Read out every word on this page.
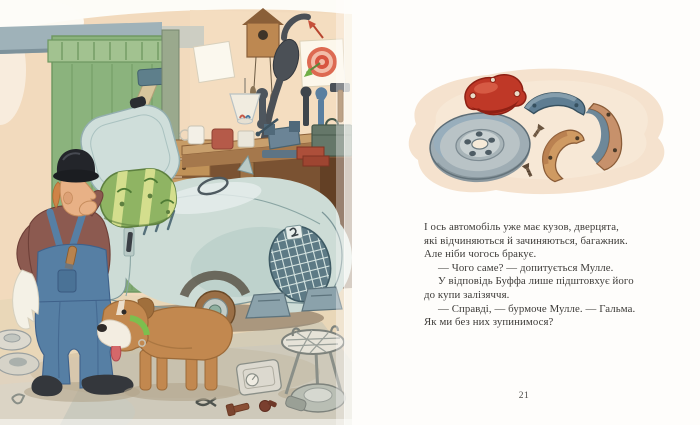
І ось автомобіль уже має кузов, дверцята,

які відчиняються й зачиняються, багажник.

Але ніби чогось бракує.

— Чого саме? — допитується Мулле.

У відповідь Буффа лише підштовхує його

до купи залізяччя.

— Справді, — бурмоче Мулле. — Гальма.

Як ми без них зупинимося?

21
